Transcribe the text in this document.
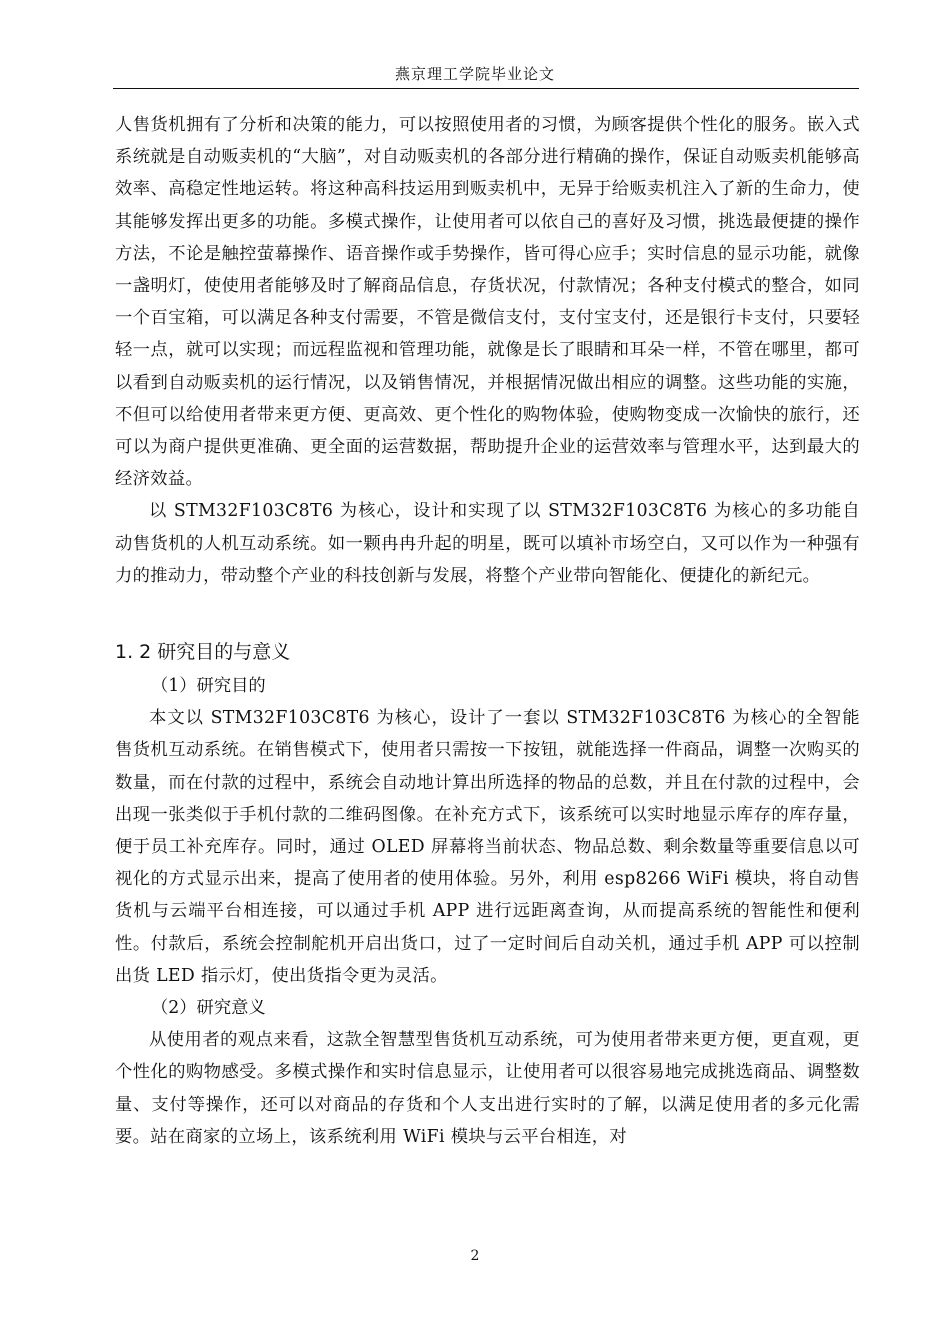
燕京理工学院毕业论文

人售货机拥有了分析和决策的能力，可以按照使用者的习惯，为顾客提供个性化的服务。嵌入式系统就是自动贩卖机的“大脑”，对自动贩卖机的各部分进行精确的操作，保证自动贩卖机能够高效率、高稳定性地运转。将这种高科技运用到贩卖机中，无异于给贩卖机注入了新的生命力，使其能够发挥出更多的功能。多模式操作，让使用者可以依自己的喜好及习惯，挑选最便捷的操作方法，不论是触控萤幕操作、语音操作或手势操作，皆可得心应手；实时信息的显示功能，就像一盏明灯，使使用者能够及时了解商品信息，存货状况，付款情况；各种支付模式的整合，如同一个百宝箱，可以满足各种支付需要，不管是微信支付，支付宝支付，还是银行卡支付，只要轻轻一点，就可以实现；而远程监视和管理功能，就像是长了眼睛和耳朵一样，不管在哪里，都可以看到自动贩卖机的运行情况，以及销售情况，并根据情况做出相应的调整。这些功能的实施，不但可以给使用者带来更方便、更高效、更个性化的购物体验，使购物变成一次愉快的旅行，还可以为商户提供更准确、更全面的运营数据，帮助提升企业的运营效率与管理水平，达到最大的经济效益。

以 STM32F103C8T6 为核心，设计和实现了以 STM32F103C8T6 为核心的多功能自动售货机的人机互动系统。如一颗冉冉升起的明星，既可以填补市场空白，又可以作为一种强有力的推动力，带动整个产业的科技创新与发展，将整个产业带向智能化、便捷化的新纪元。

1. 2 研究目的与意义

（1）研究目的

本文以 STM32F103C8T6 为核心，设计了一套以 STM32F103C8T6 为核心的全智能售货机互动系统。在销售模式下，使用者只需按一下按钮，就能选择一件商品，调整一次购买的数量，而在付款的过程中，系统会自动地计算出所选择的物品的总数，并且在付款的过程中，会出现一张类似于手机付款的二维码图像。在补充方式下，该系统可以实时地显示库存的库存量，便于员工补充库存。同时，通过 OLED 屏幕将当前状态、物品总数、剩余数量等重要信息以可视化的方式显示出来，提高了使用者的使用体验。另外，利用 esp8266 WiFi 模块，将自动售货机与云端平台相连接，可以通过手机 APP 进行远距离查询，从而提高系统的智能性和便利性。付款后，系统会控制舵机开启出货口，过了一定时间后自动关机，通过手机 APP 可以控制出货 LED 指示灯，使出货指令更为灵活。

（2）研究意义

从使用者的观点来看，这款全智慧型售货机互动系统，可为使用者带来更方便，更直观，更个性化的购物感受。多模式操作和实时信息显示，让使用者可以很容易地完成挑选商品、调整数量、支付等操作，还可以对商品的存货和个人支出进行实时的了解，以满足使用者的多元化需要。站在商家的立场上，该系统利用 WiFi 模块与云平台相连，对

2
